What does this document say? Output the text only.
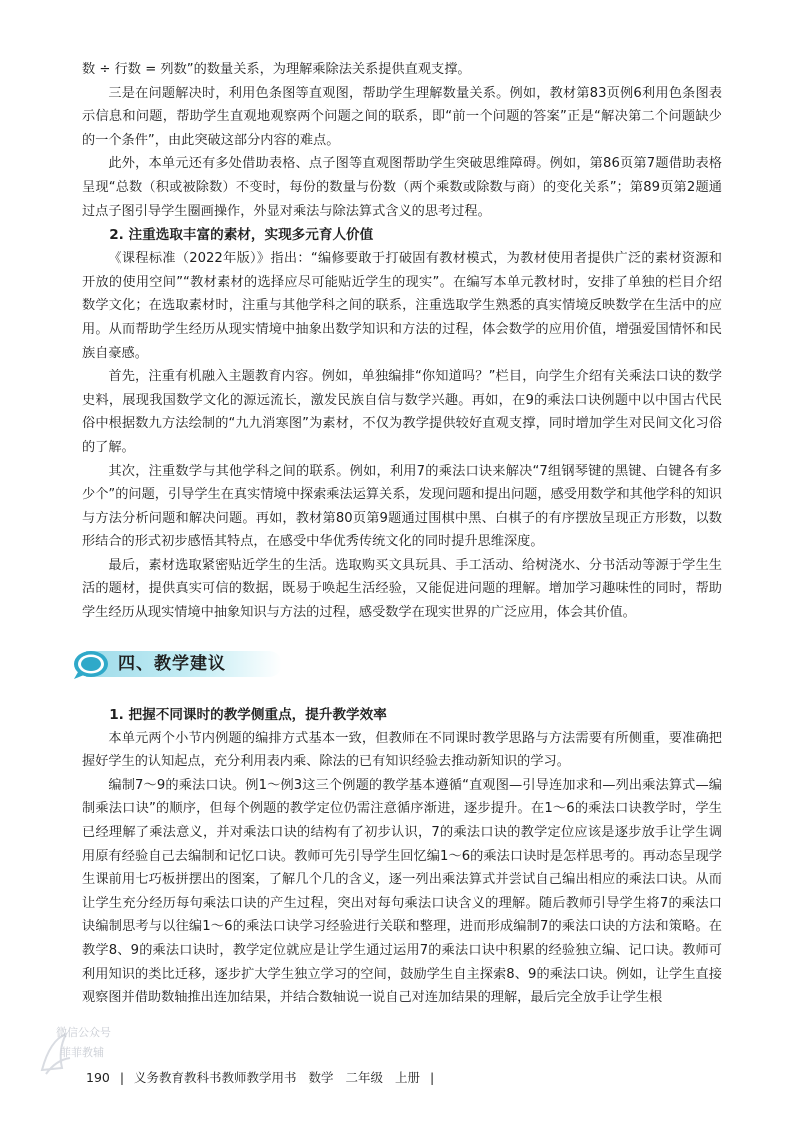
数 ÷ 行数 = 列数”的数量关系，为理解乘除法关系提供直观支撑。

三是在问题解决时，利用色条图等直观图，帮助学生理解数量关系。例如，教材第83页例6利用色条图表示信息和问题，帮助学生直观地观察两个问题之间的联系，即“前一个问题的答案”正是“解决第二个问题缺少的一个条件”，由此突破这部分内容的难点。

此外，本单元还有多处借助表格、点子图等直观图帮助学生突破思维障碍。例如，第86页第7题借助表格呈现“总数（积或被除数）不变时，每份的数量与份数（两个乘数或除数与商）的变化关系”；第89页第2题通过点子图引导学生圈画操作，外显对乘法与除法算式含义的思考过程。

2. 注重选取丰富的素材，实现多元育人价值

《课程标准（2022年版）》指出：“编修要敢于打破固有教材模式，为教材使用者提供广泛的素材资源和开放的使用空间”“教材素材的选择应尽可能贴近学生的现实”。在编写本单元教材时，安排了单独的栏目介绍数学文化；在选取素材时，注重与其他学科之间的联系，注重选取学生熟悉的真实情境反映数学在生活中的应用。从而帮助学生经历从现实情境中抽象出数学知识和方法的过程，体会数学的应用价值，增强爱国情怀和民族自豪感。

首先，注重有机融入主题教育内容。例如，单独编排“你知道吗？”栏目，向学生介绍有关乘法口诀的数学史料，展现我国数学文化的源远流长，激发民族自信与数学兴趣。再如，在9的乘法口诀例题中以中国古代民俗中根据数九方法绘制的“九九消寒图”为素材，不仅为教学提供较好直观支撑，同时增加学生对民间文化习俗的了解。

其次，注重数学与其他学科之间的联系。例如，利用7的乘法口诀来解决“7组钢琴键的黑键、白键各有多少个”的问题，引导学生在真实情境中探索乘法运算关系，发现问题和提出问题，感受用数学和其他学科的知识与方法分析问题和解决问题。再如，教材第80页第9题通过围棋中黑、白棋子的有序摆放呈现正方形数，以数形结合的形式初步感悟其特点，在感受中华优秀传统文化的同时提升思维深度。

最后，素材选取紧密贴近学生的生活。选取购买文具玩具、手工活动、给树浇水、分书活动等源于学生生活的题材，提供真实可信的数据，既易于唤起生活经验，又能促进问题的理解。增加学习趣味性的同时，帮助学生经历从现实情境中抽象知识与方法的过程，感受数学在现实世界的广泛应用，体会其价值。

四、教学建议

1. 把握不同课时的教学侧重点，提升教学效率

本单元两个小节内例题的编排方式基本一致，但教师在不同课时教学思路与方法需要有所侧重，要准确把握好学生的认知起点，充分利用表内乘、除法的已有知识经验去推动新知识的学习。

编制7～9的乘法口诀。例1～例3这三个例题的教学基本遵循“直观图—引导连加求和—列出乘法算式—编制乘法口诀”的顺序，但每个例题的教学定位仍需注意循序渐进，逐步提升。在1～6的乘法口诀教学时，学生已经理解了乘法意义，并对乘法口诀的结构有了初步认识，7的乘法口诀的教学定位应该是逐步放手让学生调用原有经验自己去编制和记忆口诀。教师可先引导学生回忆编1～6的乘法口诀时是怎样思考的。再动态呈现学生课前用七巧板拼摆出的图案，了解几个几的含义，逐一列出乘法算式并尝试自己编出相应的乘法口诀。从而让学生充分经历每句乘法口诀的产生过程，突出对每句乘法口诀含义的理解。随后教师引导学生将7的乘法口诀编制思考与以往编1～6的乘法口诀学习经验进行关联和整理，进而形成编制7的乘法口诀的方法和策略。在教学8、9的乘法口诀时，教学定位就应是让学生通过运用7的乘法口诀中积累的经验独立编、记口诀。教师可利用知识的类比迁移，逐步扩大学生独立学习的空间，鼓励学生自主探索8、9的乘法口诀。例如，让学生直接观察图并借助数轴推出连加结果，并结合数轴说一说自己对连加结果的理解，最后完全放手让学生根

微信公众号
菲菲教辅
190 | 义务教育教科书教师教学用书 数学 二年级 上册 |
